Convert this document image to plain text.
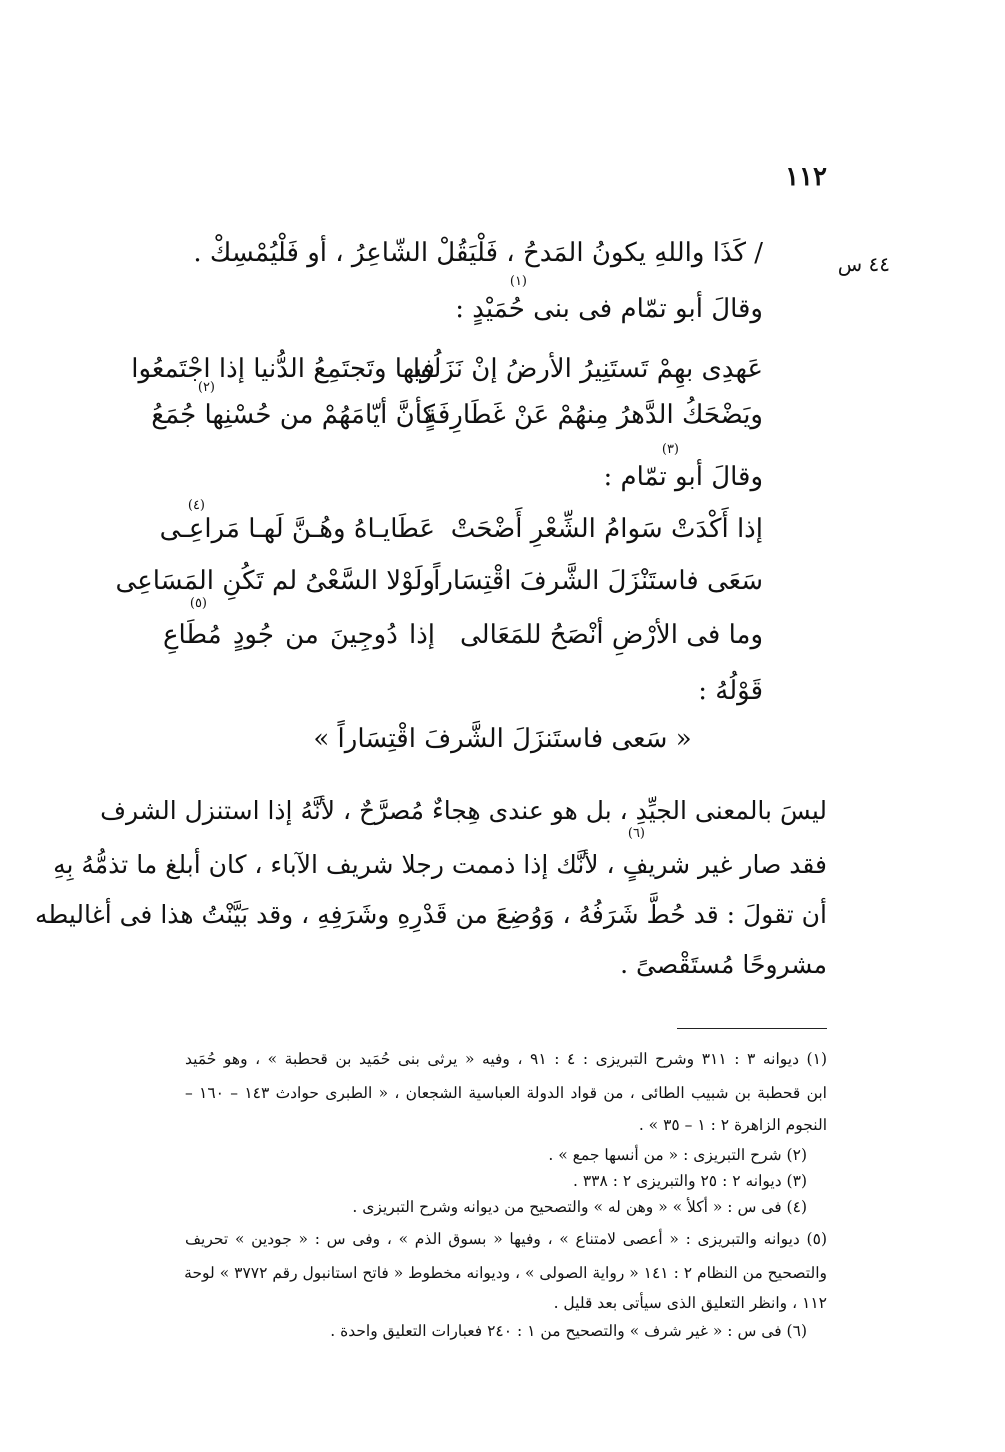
١١٢
٤٤ س
/ كَذَا واللهِ يكونُ المَدحُ ، فَلْيَقُلْ الشّاعِرُ ، أو فَلْيُمْسِكْ .
(١)
وقالَ أبو تمّام فى بنى حُمَيْدٍ :
عَهدِى بهِمْ تَستَنِيرُ الأرضُ إنْ نَزَلُوا
فيها وتَجتَمِعُ الدُّنيا إذا اجْتَمعُوا
(٢)
ويَضْحَكُ الدَّهرُ مِنهُمْ عَنْ غَطَارِفَةٍ
كأنَّ أيّامَهُمْ من حُسْنِها جُمَعُ
(٣)
وقالَ أبو تمّام :
(٤)
إذا أَكْدَتْ سَوامُ الشِّعْرِ أَضْحَتْ
عَطَايـاهُ وهُـنَّ لَهـا مَراعِـى
سَعَى فاستَنْزَلَ الشَّرفَ اقْتِسَاراً
ولَوْلا السَّعْىُ لم تَكُنِ المَسَاعِى
(٥)
وما فى الأرْضِ أنْصَحُ للمَعَالى
إذا دُوجِينَ من جُودٍ مُطَاعِ
قَوْلُهُ :
« سَعى فاستَنزَلَ الشَّرفَ اقْتِسَاراً »
ليسَ بالمعنى الجيِّدِ ، بل هو عندى هِجاءٌ مُصرَّحٌ ، لأنَّهُ إذا استنزل الشرف
(٦)
فقد صار غير شريفٍ ، لأنَّك إذا ذممت رجلا شريف الآباء ، كان أبلغ ما تذمُّهُ بِهِ
أن تقولَ : قد حُطَّ شَرَفُهُ ، وَوُضِعَ من قَدْرِهِ وشَرَفِهِ ، وقد بَيَّنْتُ هذا فى أغاليطه
مشروحًا مُستَقْصىً .
(١) ديوانه ٣ : ٣١١ وشرح التبريزى : ٤ : ٩١ ، وفيه « يرثى بنى حُمَيد بن قحطبة » ، وهو حُمَيد
ابن قحطبة بن شبيب الطائى ، من قواد الدولة العباسية الشجعان ، « الطبرى حوادث ١٤٣ – ١٦٠ –
النجوم الزاهرة ٢ : ١ – ٣٥ » .
(٢) شرح التبريزى : « من أنسها جمع » .
(٣) ديوانه ٢ : ٢٥ والتبريزى ٢ : ٣٣٨ .
(٤) فى س : « أكلأ » « وهن له » والتصحيح من ديوانه وشرح التبريزى .
(٥) ديوانه والتبريزى : « أعصى لامتناع » ، وفيها « بسوق الذم » ، وفى س : « جودين » تحريف
والتصحيح من النظام ٢ : ١٤١ « رواية الصولى » ، وديوانه مخطوط « فاتح استانبول رقم ٣٧٧٢ » لوحة
١١٢ ، وانظر التعليق الذى سيأتى بعد قليل .
(٦) فى س : « غير شرف » والتصحيح من ١ : ٢٤٠ فعبارات التعليق واحدة .
